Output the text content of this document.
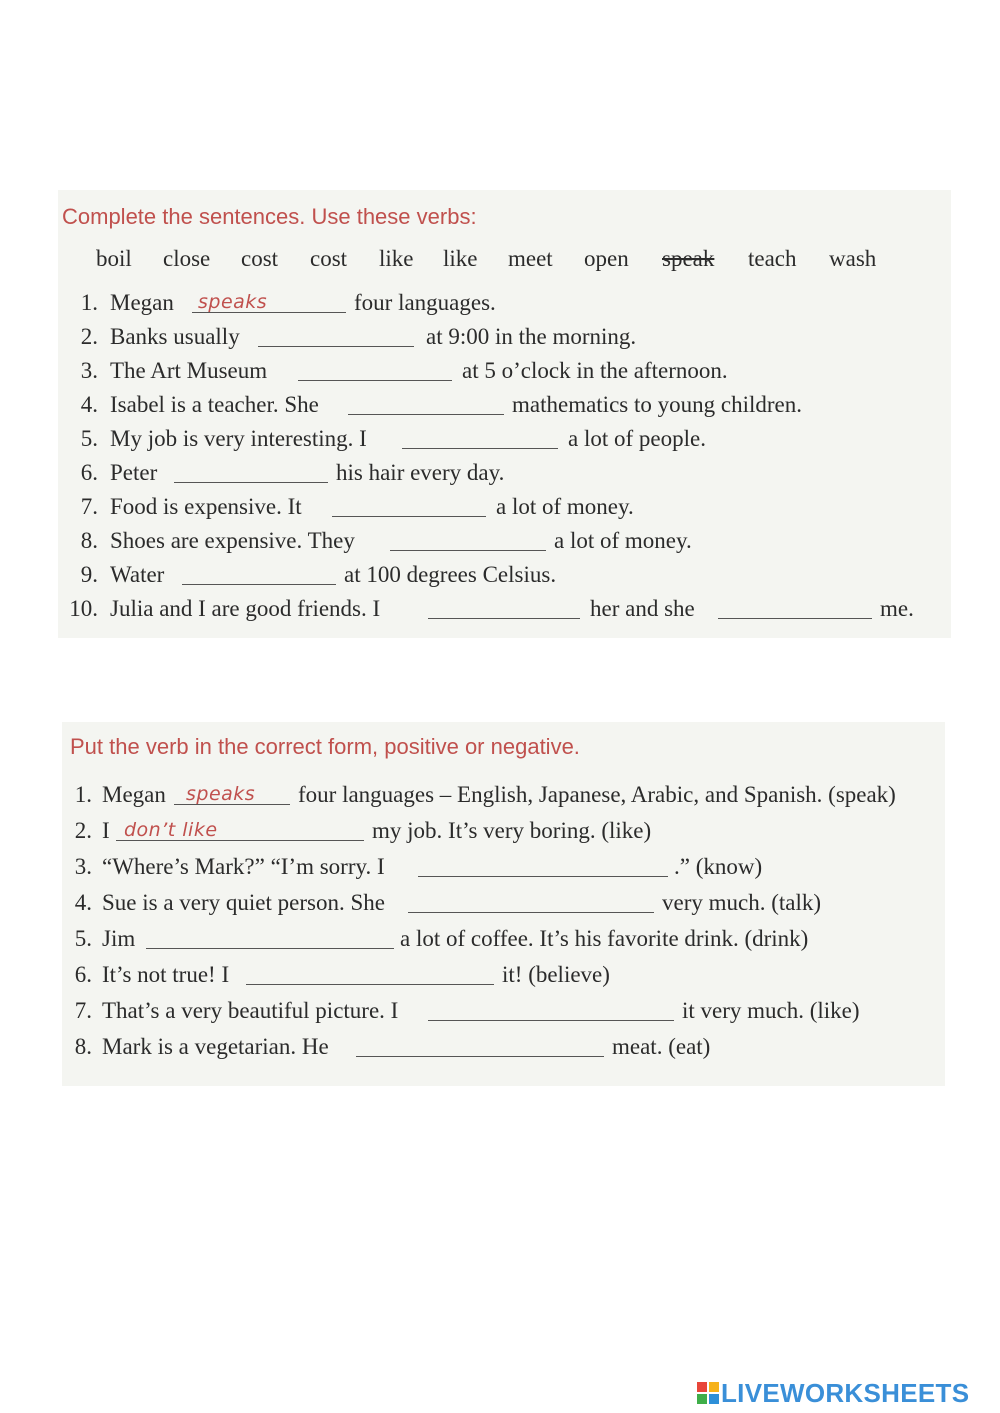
Complete the sentences. Use these verbs:
boil close cost cost like like meet open speak teach wash
1. Megan speaks	four languages.
2. Banks usually	at 9:00 in the morning.
3. The Art Museum	at 5 o’clock in the afternoon.
4. Isabel is a teacher. She	mathematics to young children.
5. My job is very interesting. I	a lot of people.
6. Peter	his hair every day.
7. Food is expensive. It	a lot of money.
8. Shoes are expensive. They	a lot of money.
9. Water	at 100 degrees Celsius.
10. Julia and I are good friends. I	her and she	me.
Put the verb in the correct form, positive or negative.
1. Megan speaks four languages – English, Japanese, Arabic, and Spanish. (speak)
2. I don’t like	my job. It’s very boring. (like)
3. “Where’s Mark?” “I’m sorry. I	.” (know)
4. Sue is a very quiet person. She	very much. (talk)
5. Jim	a lot of coffee. It’s his favorite drink. (drink)
6. It’s not true! I	it! (believe)
7. That’s a very beautiful picture. I	it very much. (like)
8. Mark is a vegetarian. He	meat. (eat)
LIVEWORKSHEETS
